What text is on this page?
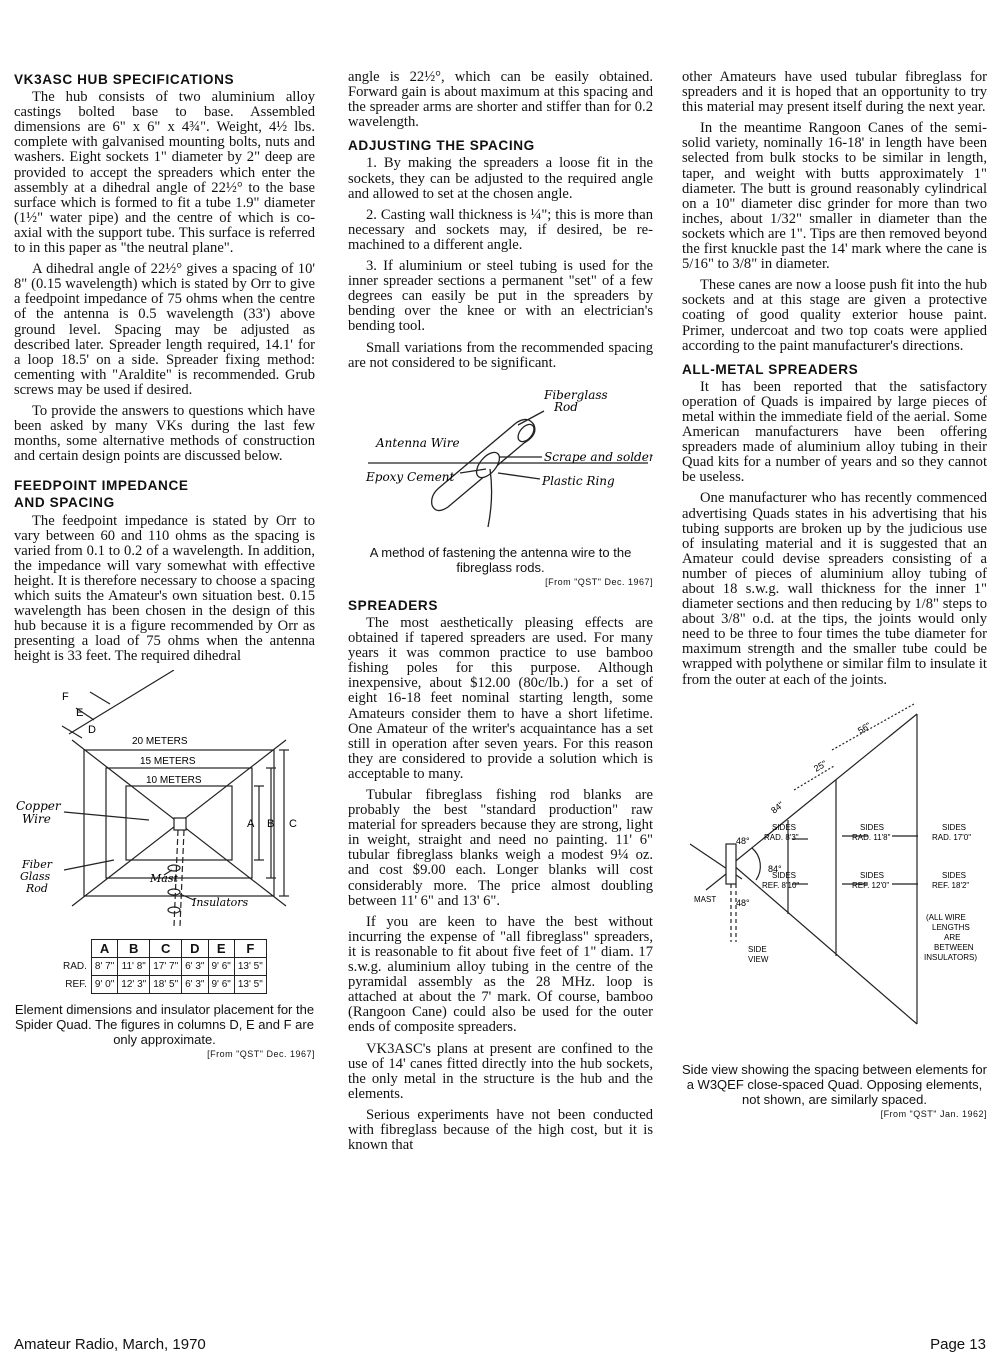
VK3ASC HUB SPECIFICATIONS

The hub consists of two aluminium alloy castings bolted base to base. Assembled dimensions are 6" x 6" x 4¾". Weight, 4½ lbs. complete with galvanised mounting bolts, nuts and washers. Eight sockets 1" diameter by 2" deep are provided to accept the spreaders which enter the assembly at a dihedral angle of 22½° to the base surface which is formed to fit a tube 1.9" diameter (1½" water pipe) and the centre of which is co-axial with the support tube. This surface is referred to in this paper as "the neutral plane".

A dihedral angle of 22½° gives a spacing of 10' 8" (0.15 wavelength) which is stated by Orr to give a feedpoint impedance of 75 ohms when the centre of the antenna is 0.5 wavelength (33') above ground level. Spacing may be adjusted as described later. Spreader length required, 14.1' for a loop 18.5' on a side. Spreader fixing method: cementing with "Araldite" is recommended. Grub screws may be used if desired.

To provide the answers to questions which have been asked by many VKs during the last few months, some alternative methods of construction and certain design points are discussed below.

FEEDPOINT IMPEDANCE
AND SPACING

The feedpoint impedance is stated by Orr to vary between 60 and 110 ohms as the spacing is varied from 0.1 to 0.2 of a wavelength. In addition, the impedance will vary somewhat with effective height. It is therefore necessary to choose a spacing which suits the Amateur's own situation best. 0.15 wavelength has been chosen in the design of this hub because it is a figure recommended by Orr as presenting a load of 75 ohms when the antenna height is 33 feet. The required dihedral

20 METERS
15 METERS
10 METERS
A B C
D
E
F
Copper
Wire
Fiber
Glass
Rod
Mast
Insulators
	A	B	C	D	E	F
RAD.	8' 7"	11' 8"	17' 7"	6' 3"	9' 6"	13' 5"
REF.	9' 0"	12' 3"	18' 5"	6' 3"	9' 6"	13' 5"
Element dimensions and insulator placement for the Spider Quad. The figures in columns D, E and F are only approximate.
[From "QST" Dec. 1967]

angle is 22½°, which can be easily obtained. Forward gain is about maximum at this spacing and the spreader arms are shorter and stiffer than for 0.2 wavelength.

ADJUSTING THE SPACING

1. By making the spreaders a loose fit in the sockets, they can be adjusted to the required angle and allowed to set at the chosen angle.

2. Casting wall thickness is ¼"; this is more than necessary and sockets may, if desired, be re-machined to a different angle.

3. If aluminium or steel tubing is used for the inner spreader sections a permanent "set" of a few degrees can easily be put in the spreaders by bending over the knee or with an electrician's bending tool.

Small variations from the recommended spacing are not considered to be significant.

Fiberglass
Rod
Antenna Wire
Scrape and solder
Epoxy Cement	Plastic Ring
A method of fastening the antenna wire to the fibreglass rods.
[From "QST" Dec. 1967]
SPREADERS

The most aesthetically pleasing effects are obtained if tapered spreaders are used. For many years it was common practice to use bamboo fishing poles for this purpose. Although inexpensive, about $12.00 (80c/lb.) for a set of eight 16-18 feet nominal starting length, some Amateurs consider them to have a short lifetime. One Amateur of the writer's acquaintance has a set still in operation after seven years. For this reason they are considered to provide a solution which is acceptable to many.

Tubular fibreglass fishing rod blanks are probably the best "standard production" raw material for spreaders because they are strong, light in weight, straight and need no painting. 11' 6" tubular fibreglass blanks weigh a modest 9¼ oz. and cost $9.00 each. Longer blanks will cost considerably more. The price almost doubling between 11' 6" and 13' 6".

If you are keen to have the best without incurring the expense of "all fibreglass" spreaders, it is reasonable to fit about five feet of 1" diam. 17 s.w.g. aluminium alloy tubing in the centre of the pyramidal assembly as the 28 MHz. loop is attached at about the 7' mark. Of course, bamboo (Rangoon Cane) could also be used for the outer ends of composite spreaders.

VK3ASC's plans at present are confined to the use of 14' canes fitted directly into the hub sockets, the only metal in the structure is the hub and the elements.

Serious experiments have not been conducted with fibreglass because of the high cost, but it is known that

other Amateurs have used tubular fibreglass for spreaders and it is hoped that an opportunity to try this material may present itself during the next year.

In the meantime Rangoon Canes of the semi-solid variety, nominally 16-18' in length have been selected from bulk stocks to be similar in length, taper, and weight with butts approximately 1" diameter. The butt is ground reasonably cylindrical on a 10" diameter disc grinder for more than two inches, about 1/32" smaller in diameter than the sockets which are 1". Tips are then removed beyond the first knuckle past the 14' mark where the cane is 5/16" to 3/8" in diameter.

These canes are now a loose push fit into the hub sockets and at this stage are given a protective coating of good quality exterior house paint. Primer, undercoat and two top coats were applied according to the paint manufacturer's directions.

ALL-METAL SPREADERS

It has been reported that the satisfactory operation of Quads is impaired by large pieces of metal within the immediate field of the aerial. Some American manufacturers have been offering spreaders made of aluminium alloy tubing in their Quad kits for a number of years and so they cannot be useless.

One manufacturer who has recently commenced advertising Quads states in his advertising that his tubing supports are broken up by the judicious use of insulating material and it is suggested that an Amateur could devise spreaders consisting of a number of pieces of aluminium alloy tubing of about 18 s.w.g. wall thickness for the inner 1" diameter sections and then reducing by 1/8" steps to about 3/8" o.d. at the tips, the joints would only need to be three to four times the tube diameter for maximum strength and the smaller tube could be wrapped with polythene or similar film to insulate it from the outer at each of the joints.

56"
25"
84"
48°
84°
48°
SIDES
RAD. 8'3"
SIDES
RAD. 11'8"
SIDES
RAD. 17'0"
SIDES
REF. 8'10"
SIDES
REF. 12'0"
SIDES
REF. 18'2"
MAST
SIDE
VIEW
(ALL WIRE
LENGTHS
ARE
BETWEEN
INSULATORS)
Side view showing the spacing between elements for a W3QEF close-spaced Quad. Opposing elements, not shown, are similarly spaced.
[From "QST" Jan. 1962]
Amateur Radio, March, 1970	Page 13
